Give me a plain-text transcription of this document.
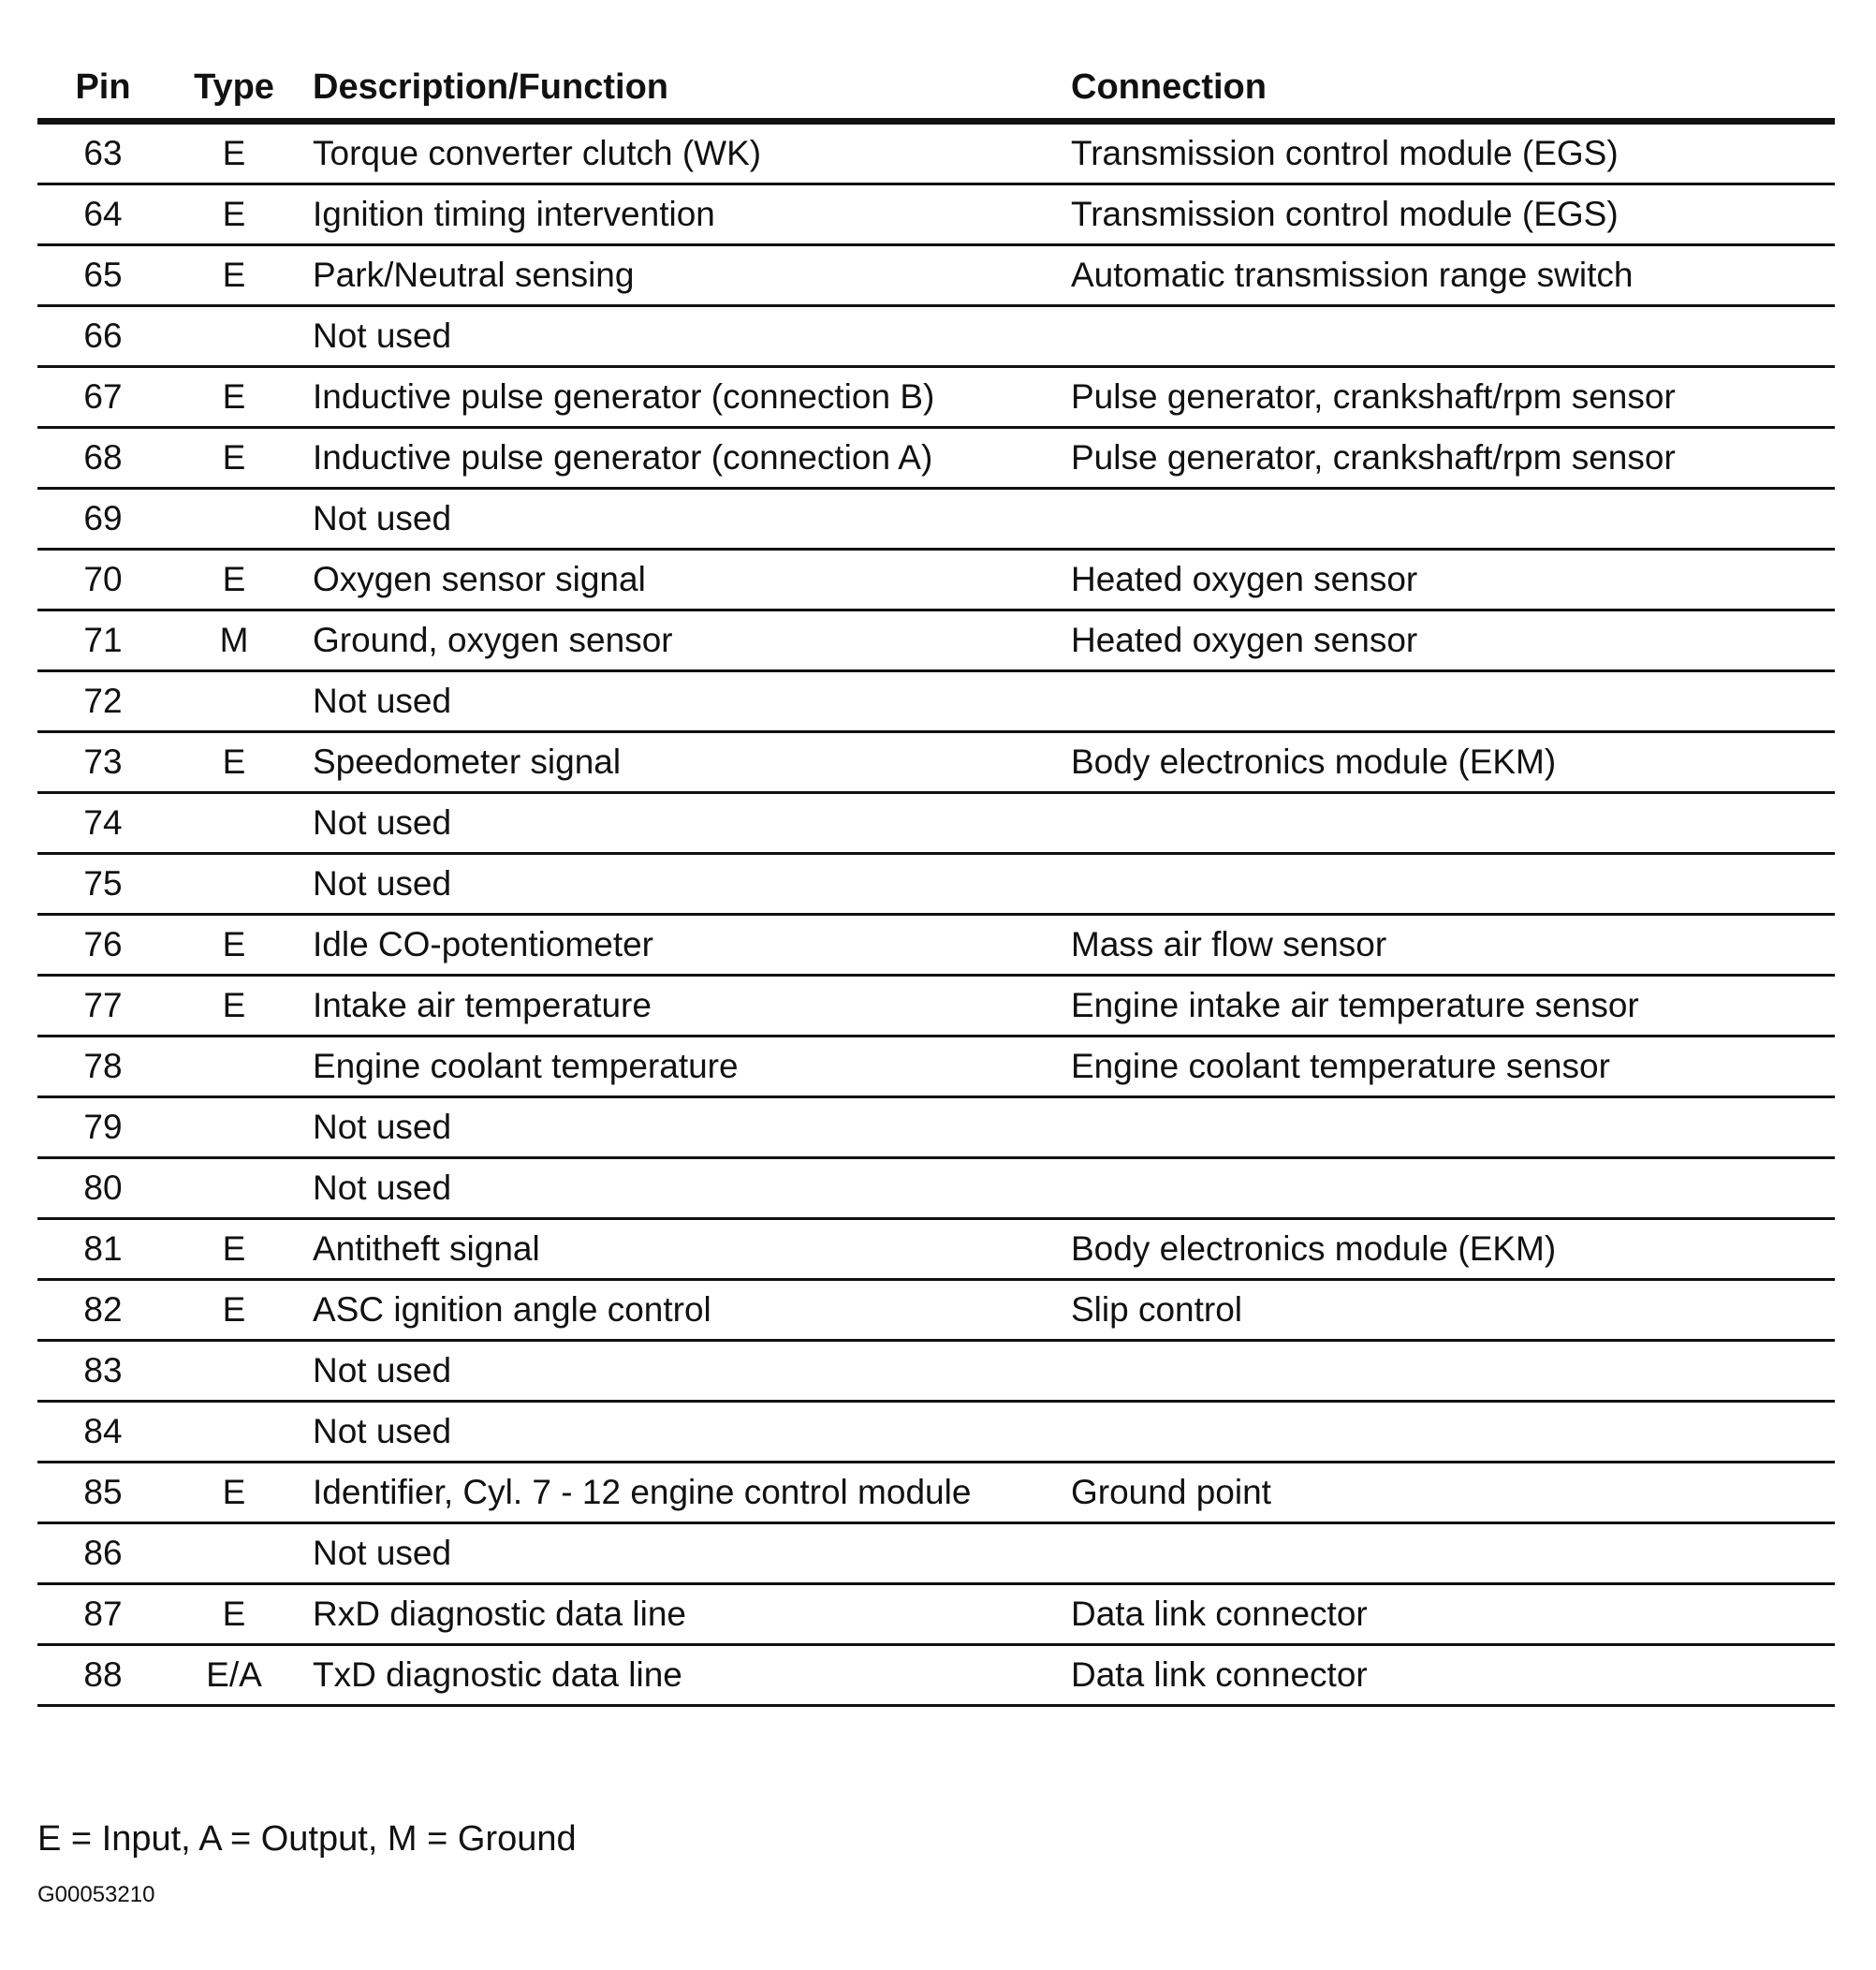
Pin	Type	Description/Function	Connection
63	E	Torque converter clutch (WK)	Transmission control module (EGS)
64	E	Ignition timing intervention	Transmission control module (EGS)
65	E	Park/Neutral sensing	Automatic transmission range switch
66		Not used	
67	E	Inductive pulse generator (connection B)	Pulse generator, crankshaft/rpm sensor
68	E	Inductive pulse generator (connection A)	Pulse generator, crankshaft/rpm sensor
69		Not used	
70	E	Oxygen sensor signal	Heated oxygen sensor
71	M	Ground, oxygen sensor	Heated oxygen sensor
72		Not used	
73	E	Speedometer signal	Body electronics module (EKM)
74		Not used	
75		Not used	
76	E	Idle CO-potentiometer	Mass air flow sensor
77	E	Intake air temperature	Engine intake air temperature sensor
78		Engine coolant temperature	Engine coolant temperature sensor
79		Not used	
80		Not used	
81	E	Antitheft signal	Body electronics module (EKM)
82	E	ASC ignition angle control	Slip control
83		Not used	
84		Not used	
85	E	Identifier, Cyl. 7 - 12 engine control module	Ground point
86		Not used	
87	E	RxD diagnostic data line	Data link connector
88	E/A	TxD diagnostic data line	Data link connector
E = Input, A = Output, M = Ground
G00053210
